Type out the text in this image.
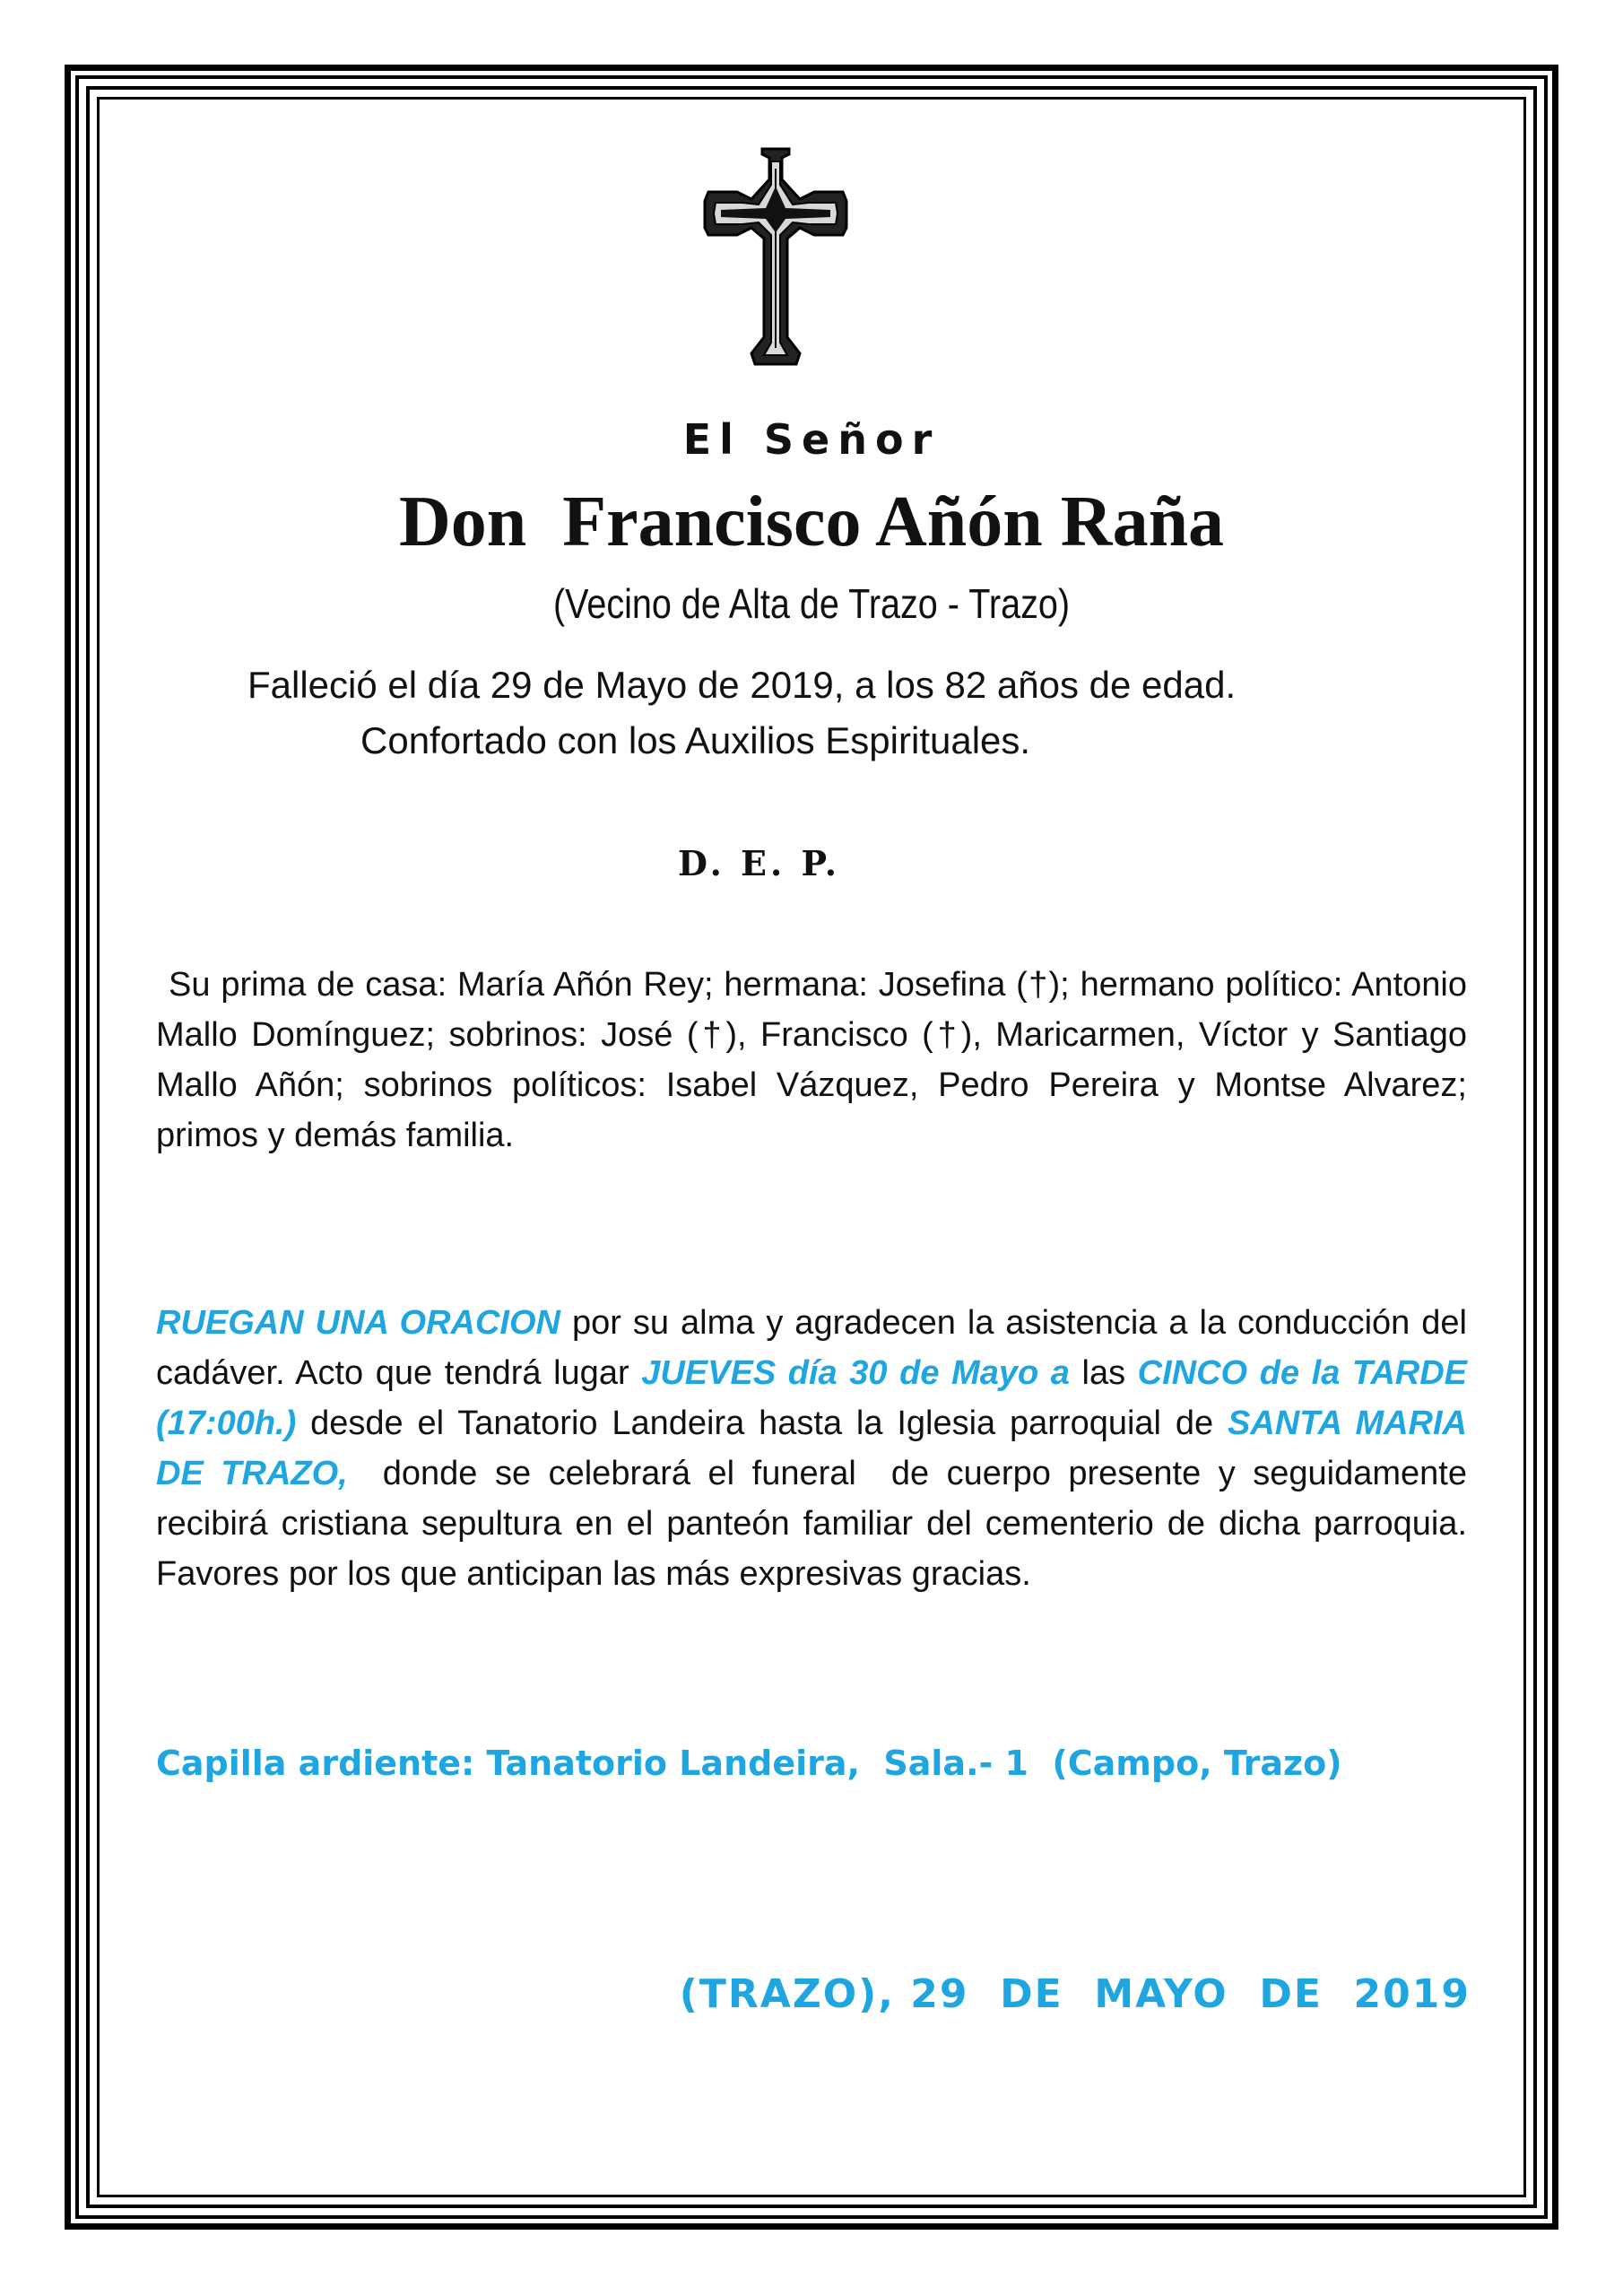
El Señor
Don  Francisco Añón Raña
(Vecino de Alta de Trazo - Trazo)
Falleció el día 29 de Mayo de 2019, a los 82 años de edad.
Confortado con los Auxilios Espirituales.
D. E. P.
Su prima de casa: María Añón Rey; hermana: Josefina (†); hermano político: Antonio Mallo Domínguez; sobrinos: José (†), Francisco (†), Maricarmen, Víctor y Santiago Mallo Añón; sobrinos políticos: Isabel Vázquez, Pedro Pereira y Montse Alvarez; primos y demás familia.
RUEGAN UNA ORACION por su alma y agradecen la asistencia a la conducción del cadáver. Acto que tendrá lugar JUEVES día 30 de Mayo a las CINCO de la TARDE (17:00h.) desde el Tanatorio Landeira hasta la Iglesia parroquial de SANTA MARIA DE TRAZO,  donde se celebrará el funeral  de cuerpo presente y seguidamente recibirá cristiana sepultura en el panteón familiar del cementerio de dicha parroquia. Favores por los que anticipan las más expresivas gracias.
Capilla ardiente: Tanatorio Landeira,  Sala.- 1  (Campo, Trazo)
(TRAZO), 29  DE  MAYO  DE  2019
